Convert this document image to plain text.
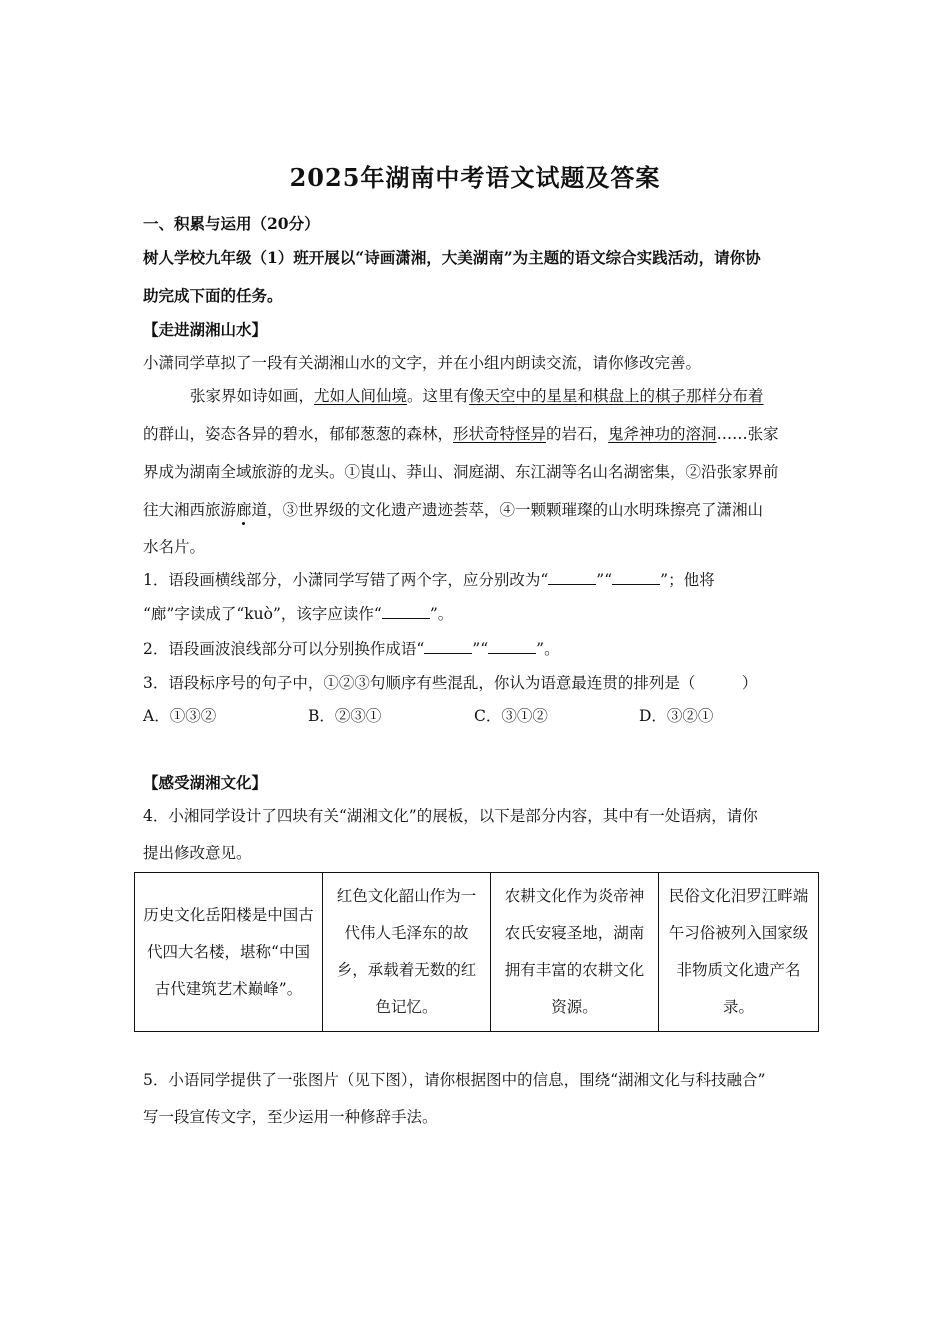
2025年湖南中考语文试题及答案
一、积累与运用（20分）
树人学校九年级（1）班开展以“诗画潇湘，大美湖南”为主题的语文综合实践活动，请你协
助完成下面的任务。
【走进湖湘山水】
小潇同学草拟了一段有关湖湘山水的文字，并在小组内朗读交流，请你修改完善。
张家界如诗如画，尤如人间仙境。这里有像天空中的星星和棋盘上的棋子那样分布着
的群山，姿态各异的碧水，郁郁葱葱的森林，形状奇特怪异的岩石，鬼斧神功的溶洞……张家
界成为湖南全域旅游的龙头。①崀山、莽山、洞庭湖、东江湖等名山名湖密集，②沿张家界前
往大湘西旅游廊道，③世界级的文化遗产遗迹荟萃，④一颗颗璀璨的山水明珠擦亮了潇湘山
水名片。
1．语段画横线部分，小潇同学写错了两个字，应分别改为“	”“	”；他将
“廊”字读成了“kuò”，该字应读作“	”。
2．语段画波浪线部分可以分别换作成语“	”“	”。
3．语段标序号的句子中，①②③句顺序有些混乱，你认为语意最连贯的排列是（　　　）
A．①③②	B．②③①	C．③①②	D．③②①
【感受湖湘文化】
4．小湘同学设计了四块有关“湖湘文化”的展板，以下是部分内容，其中有一处语病，请你
提出修改意见。
历史文化岳阳楼是中国古代四大名楼，堪称“中国古代建筑艺术巅峰”。	红色文化韶山作为一代伟人毛泽东的故乡，承载着无数的红色记忆。	农耕文化作为炎帝神农氏安寝圣地，湖南拥有丰富的农耕文化资源。	民俗文化汨罗江畔端午习俗被列入国家级非物质文化遗产名录。
5．小语同学提供了一张图片（见下图），请你根据图中的信息，围绕“湖湘文化与科技融合”
写一段宣传文字，至少运用一种修辞手法。
